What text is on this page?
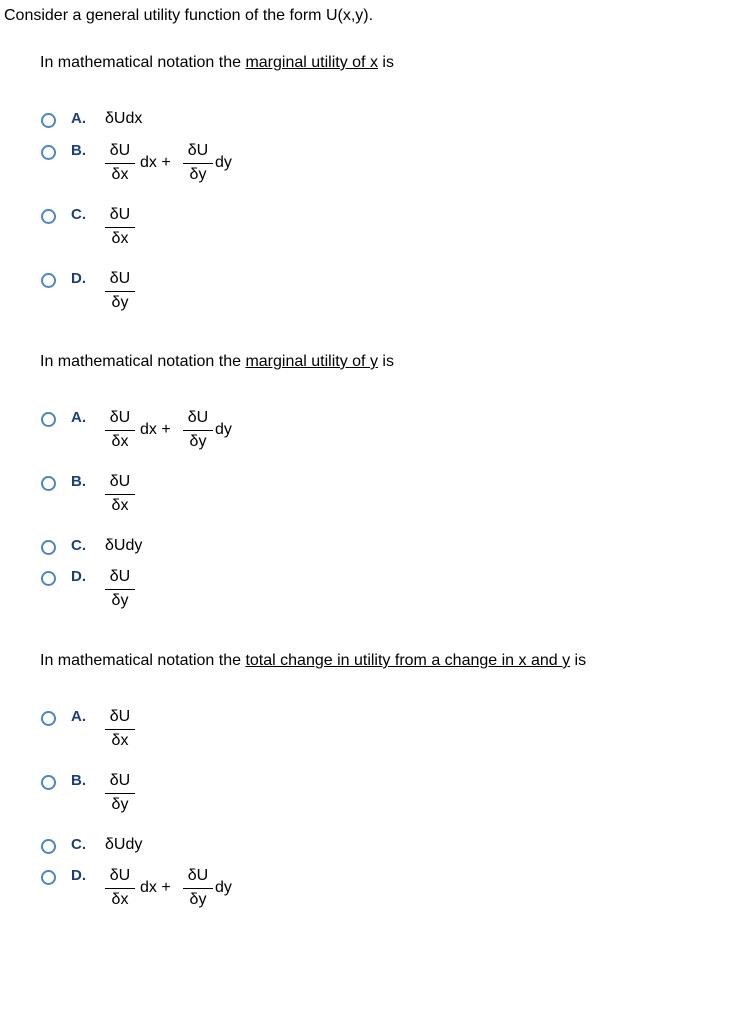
Consider a general utility function of the form U(x,y).
In mathematical notation the marginal utility of x is
A. δUdx
B. δU
δx
dx +
δU
δy
dy
C. δU
δx
D. δU
δy
In mathematical notation the marginal utility of y is
A. δU
δx
dx +
δU
δy
dy
B. δU
δx
C. δUdy
D. δU
δy
In mathematical notation the total change in utility from a change in x and y is
A. δU
δx
B. δU
δy
C. δUdy
D. δU
δx
dx +
δU
δy
dy
